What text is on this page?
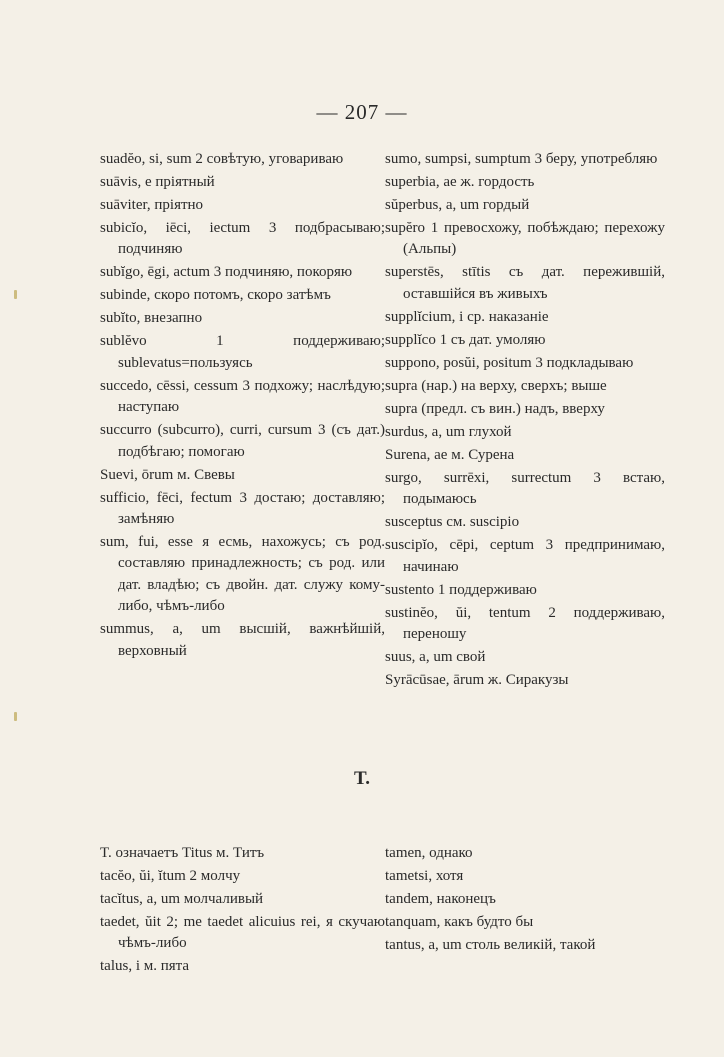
— 207 —

suadĕo, si, sum 2 совѣтую, уговариваю

suāvis, e пріятный

suāviter, пріятно

subicĭo, iēci, iectum 3 подбрасываю; подчиняю

subĭgo, ēgi, actum 3 подчиняю, покоряю

subinde, скоро потомъ, скоро затѣмъ

subĭto, внезапно

sublĕvo 1 поддерживаю; sublevatus=пользуясь

succedo, cēssi, cessum 3 подхожу; наслѣдую; наступаю

succurro (subcurro), curri, cursum 3 (съ дат.) подбѣгаю; помогаю

Suevi, ōrum м. Свевы

sufficio, fēci, fectum 3 достаю; доставляю; замѣняю

sum, fui, esse я есмь, нахожусь; съ род. составляю принадлежность; съ род. или дат. владѣю; съ двойн. дат. служу кому-либо, чѣмъ-либо

summus, a, um высшій, важнѣйшій, верховный

sumo, sumpsi, sumptum 3 беру, употребляю

superbia, ae ж. гордость

sŭperbus, a, um гордый

supĕro 1 превосхожу, побѣждаю; перехожу (Альпы)

superstēs, stītis съ дат. пережившій, оставшійся въ живыхъ

supplĭcium, i ср. наказаніе

supplĭco 1 съ дат. умоляю

suppono, posŭi, positum 3 подкладываю

supra (нар.) на верху, сверхъ; выше

supra (предл. съ вин.) надъ, вверху

surdus, a, um глухой

Surena, ae м. Сурена

surgo, surrēxi, surrectum 3 встаю, подымаюсь

susceptus см. suscipio

suscipĭo, cēpi, ceptum 3 предпринимаю, начинаю

sustento 1 поддерживаю

sustinĕo, ŭi, tentum 2 поддерживаю, переношу

suus, a, um свой

Syrācūsae, ārum ж. Сиракузы

T.

T. означаетъ Titus м. Титъ

tacĕo, ŭi, ĭtum 2 молчу

tacĭtus, a, um молчаливый

taedet, ŭit 2; me taedet alicuius rei, я скучаю чѣмъ-либо

talus, i м. пята

tamen, однако

tametsi, хотя

tandem, наконецъ

tanquam, какъ будто бы

tantus, a, um столь великій, такой
